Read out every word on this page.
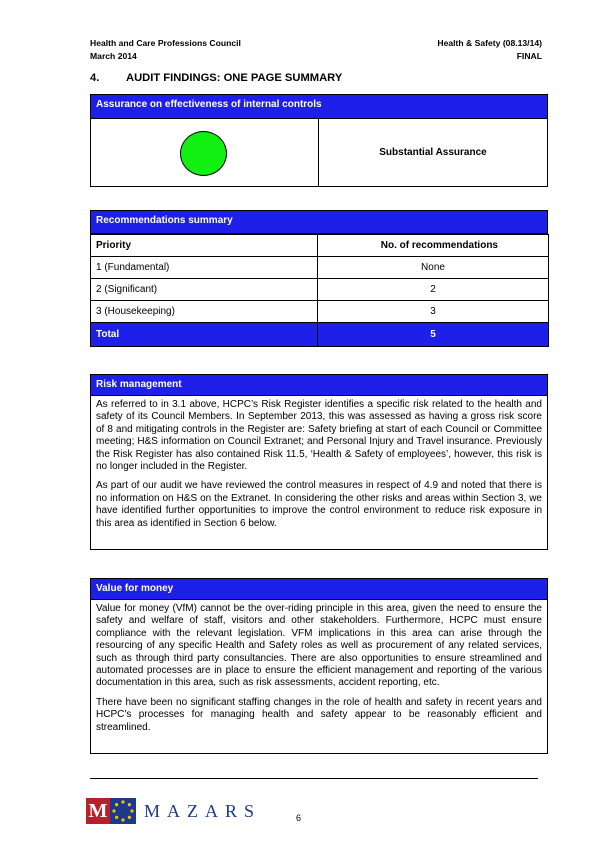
Health and Care Professions Council	Health & Safety (08.13/14)
March 2014	FINAL
4. AUDIT FINDINGS: ONE PAGE SUMMARY
Assurance on effectiveness of internal controls
Substantial Assurance
Recommendations summary
Priority	No. of recommendations
1 (Fundamental)	None
2 (Significant)	2
3 (Housekeeping)	3
Total	5
Risk management

As referred to in 3.1 above, HCPC’s Risk Register identifies a specific risk related to the health and safety of its Council Members. In September 2013, this was assessed as having a gross risk score of 8 and mitigating controls in the Register are: Safety briefing at start of each Council or Committee meeting; H&S information on Council Extranet; and Personal Injury and Travel insurance. Previously the Risk Register has also contained Risk 11.5, ‘Health & Safety of employees’, however, this risk is no longer included in the Register.

As part of our audit we have reviewed the control measures in respect of 4.9 and noted that there is no information on H&S on the Extranet. In considering the other risks and areas within Section 3, we have identified further opportunities to improve the control environment to reduce risk exposure in this area as identified in Section 6 below.

Value for money

Value for money (VfM) cannot be the over-riding principle in this area, given the need to ensure the safety and welfare of staff, visitors and other stakeholders. Furthermore, HCPC must ensure compliance with the relevant legislation. VFM implications in this area can arise through the resourcing of any specific Health and Safety roles as well as procurement of any related services, such as through third party consultancies. There are also opportunities to ensure streamlined and automated processes are in place to ensure the efficient management and reporting of the various documentation in this area, such as risk assessments, accident reporting, etc.

There have been no significant staffing changes in the role of health and safety in recent years and HCPC’s processes for managing health and safety appear to be reasonably efficient and streamlined.

M MAZARS	6
